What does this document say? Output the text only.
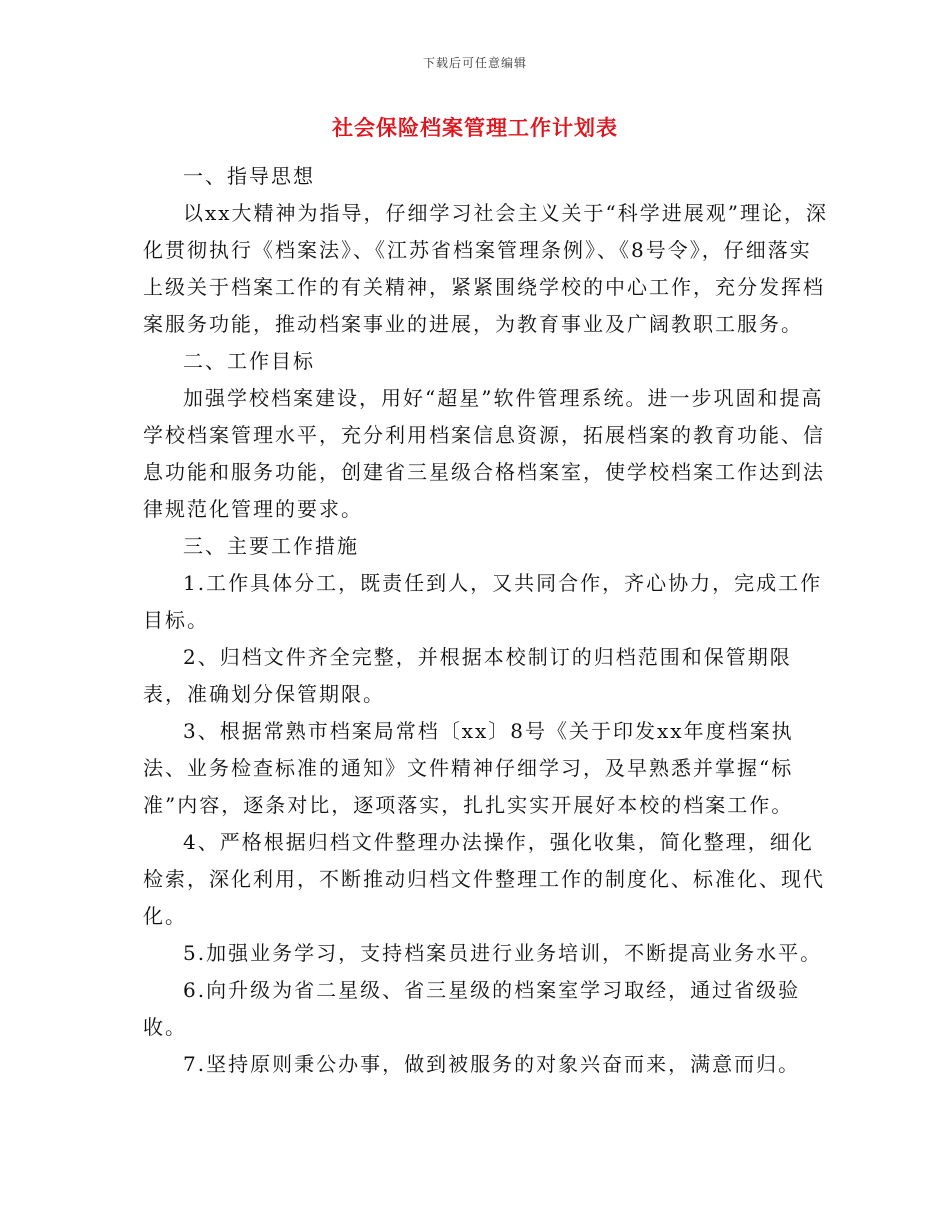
下载后可任意编辑
社会保险档案管理工作计划表

一、指导思想

以xx大精神为指导，仔细学习社会主义关于“科学进展观”理论，深化贯彻执行《档案法》、《江苏省档案管理条例》、《8号令》，仔细落实上级关于档案工作的有关精神，紧紧围绕学校的中心工作，充分发挥档案服务功能，推动档案事业的进展，为教育事业及广阔教职工服务。

二、工作目标

加强学校档案建设，用好“超星”软件管理系统。进一步巩固和提高学校档案管理水平，充分利用档案信息资源，拓展档案的教育功能、信息功能和服务功能，创建省三星级合格档案室，使学校档案工作达到法律规范化管理的要求。

三、主要工作措施

1.工作具体分工，既责任到人，又共同合作，齐心协力，完成工作目标。

2、归档文件齐全完整，并根据本校制订的归档范围和保管期限表，准确划分保管期限。

3、根据常熟市档案局常档〔xx〕8号《关于印发xx年度档案执法、业务检查标准的通知》文件精神仔细学习，及早熟悉并掌握“标准”内容，逐条对比，逐项落实，扎扎实实开展好本校的档案工作。

4、严格根据归档文件整理办法操作，强化收集，简化整理，细化检索，深化利用，不断推动归档文件整理工作的制度化、标准化、现代化。

5.加强业务学习，支持档案员进行业务培训，不断提高业务水平。

6.向升级为省二星级、省三星级的档案室学习取经，通过省级验收。

7.坚持原则秉公办事，做到被服务的对象兴奋而来，满意而归。
